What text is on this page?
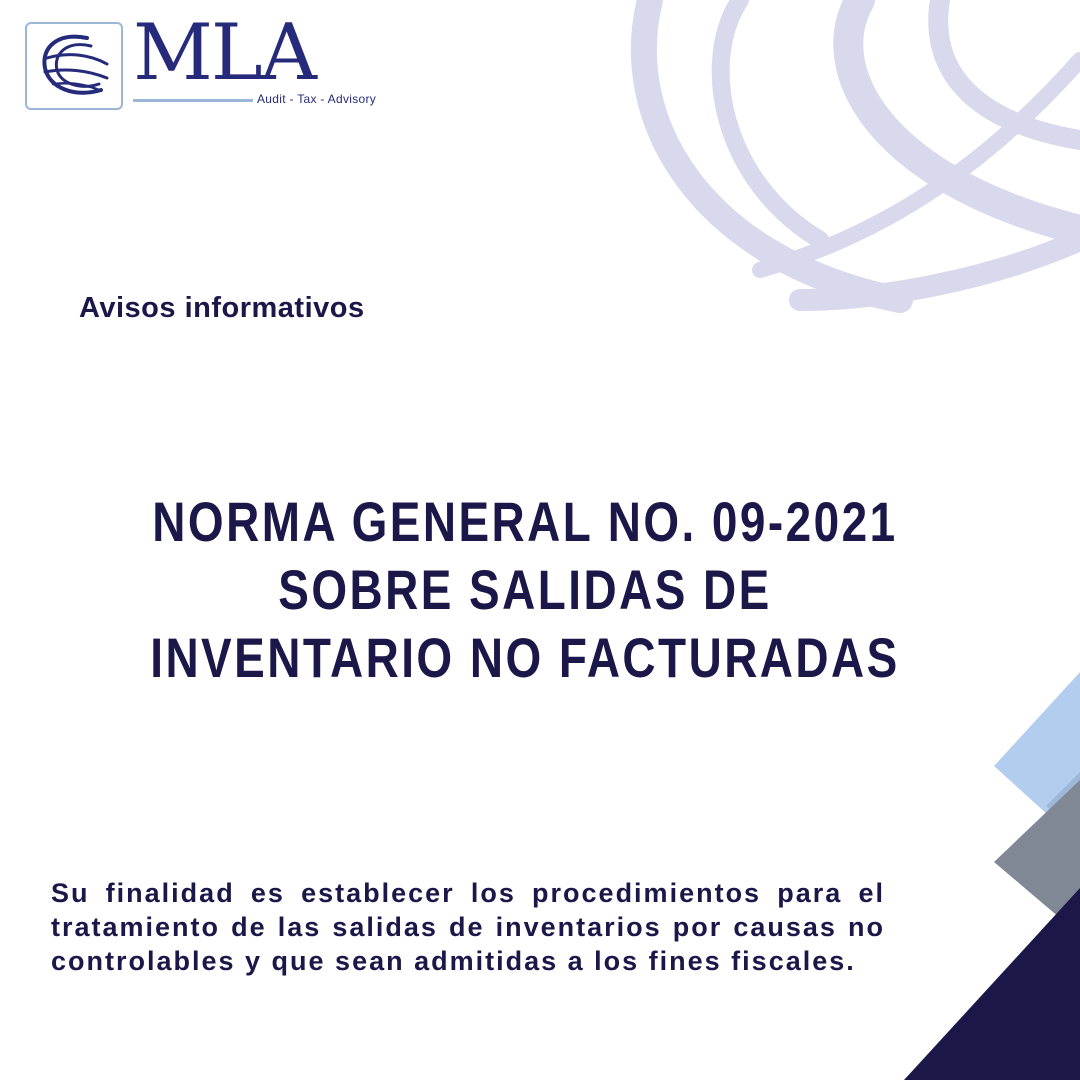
MLA
Audit - Tax - Advisory
Avisos informativos
NORMA GENERAL NO. 09-2021 SOBRE SALIDAS DE INVENTARIO NO FACTURADAS
Su finalidad es establecer los procedimientos para el tratamiento de las salidas de inventarios por causas no controlables y que sean admitidas a los fines fiscales.
